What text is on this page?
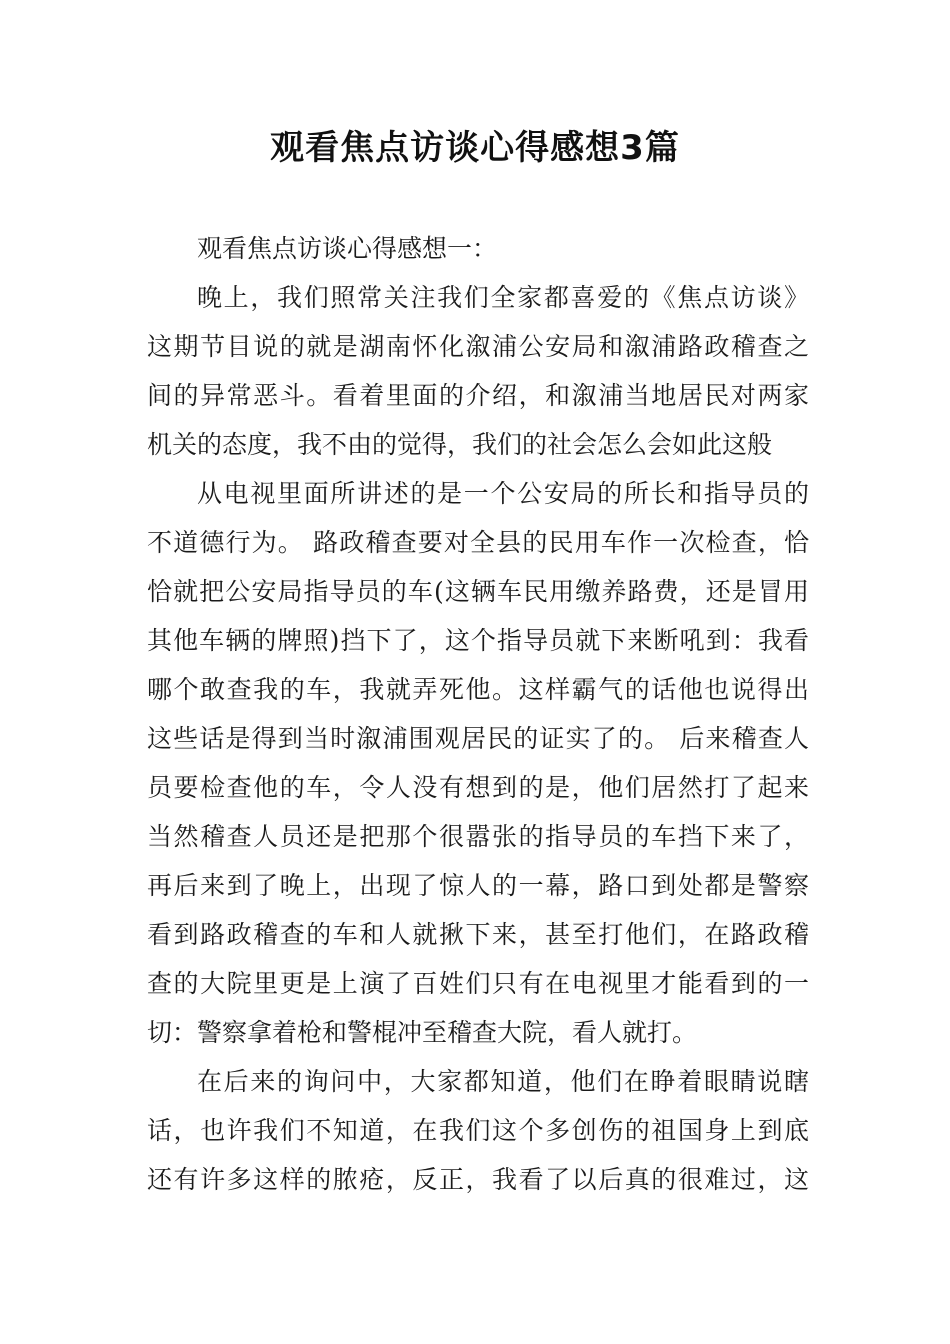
观看焦点访谈心得感想3篇

观看焦点访谈心得感想一：

晚上，我们照常关注我们全家都喜爱的《焦点访谈》
这期节目说的就是湖南怀化溆浦公安局和溆浦路政稽查之
间的异常恶斗。看着里面的介绍，和溆浦当地居民对两家
机关的态度，我不由的觉得，我们的社会怎么会如此这般

从电视里面所讲述的是一个公安局的所长和指导员的
不道德行为。 路政稽查要对全县的民用车作一次检查，恰
恰就把公安局指导员的车(这辆车民用缴养路费，还是冒用
其他车辆的牌照)挡下了，这个指导员就下来断吼到：我看
哪个敢查我的车，我就弄死他。这样霸气的话他也说得出
这些话是得到当时溆浦围观居民的证实了的。 后来稽查人
员要检查他的车，令人没有想到的是，他们居然打了起来
当然稽查人员还是把那个很嚣张的指导员的车挡下来了，
再后来到了晚上，出现了惊人的一幕，路口到处都是警察
看到路政稽查的车和人就揪下来，甚至打他们，在路政稽
查的大院里更是上演了百姓们只有在电视里才能看到的一
切：警察拿着枪和警棍冲至稽查大院，看人就打。

在后来的询问中，大家都知道，他们在睁着眼睛说瞎
话，也许我们不知道，在我们这个多创伤的祖国身上到底
还有许多这样的脓疮，反正，我看了以后真的很难过，这
